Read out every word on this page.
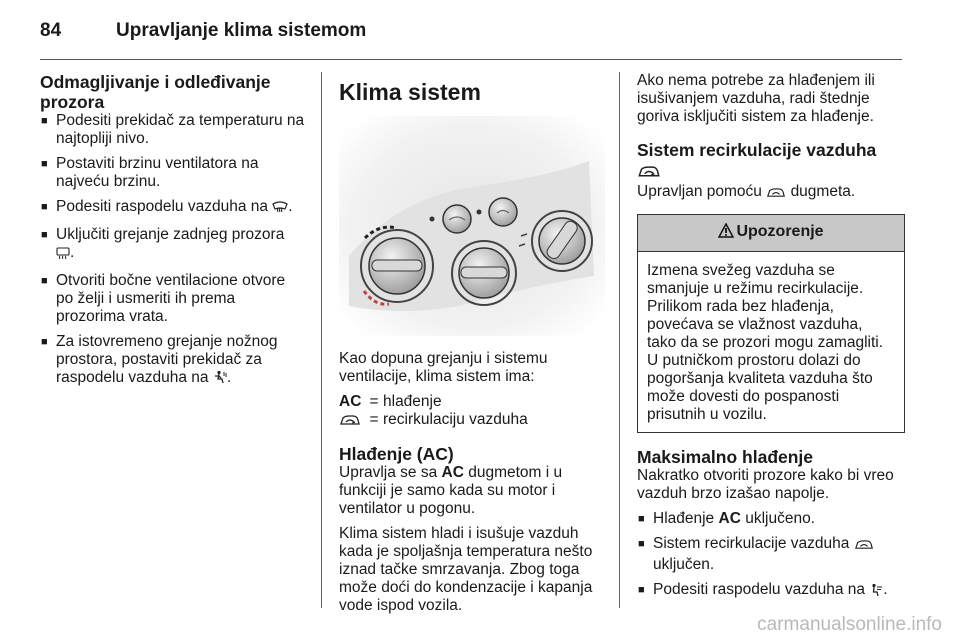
84	Upravljanje klima sistemom
Odmagljivanje i odleđivanje prozora
■ Podesiti prekidač za temperaturu na najtopliji nivo.
■ Postaviti brzinu ventilatora na najveću brzinu.
■ Podesiti raspodelu vazduha na .
■ Uključiti grejanje zadnjeg prozora
.
■ Otvoriti bočne ventilacione otvore po želji i usmeriti ih prema prozorima vrata.
■ Za istovremeno grejanje nožnog prostora, postaviti prekidač za raspodelu vazduha na .
Klima sistem

Kao dopuna grejanju i sistemu ventilacije, klima sistem ima:

AC = hlađenje
= recirkulaciju vazduha
Hlađenje (AC)

Upravlja se sa AC dugmetom i u funkciji je samo kada su motor i ventilator u pogonu.

Klima sistem hladi i isušuje vazduh kada je spoljašnja temperatura nešto iznad tačke smrzavanja. Zbog toga može doći do kondenzacije i kapanja vode ispod vozila.

Ako nema potrebe za hlađenjem ili isušivanjem vazduha, radi štednje goriva isključiti sistem za hlađenje.

Sistem recirkulacije vazduha

Upravljan pomoću dugmeta.

Upozorenje
Izmena svežeg vazduha se smanjuje u režimu recirkulacije. Prilikom rada bez hlađenja, povećava se vlažnost vazduha, tako da se prozori mogu zamagliti. U putničkom prostoru dolazi do pogoršanja kvaliteta vazduha što može dovesti do pospanosti prisutnih u vozilu.
Maksimalno hlađenje

Nakratko otvoriti prozore kako bi vreo vazduh brzo izašao napolje.

■ Hlađenje AC uključeno.
■ Sistem recirkulacije vazduha
uključen.
■ Podesiti raspodelu vazduha na .
carmanualsonline.info
